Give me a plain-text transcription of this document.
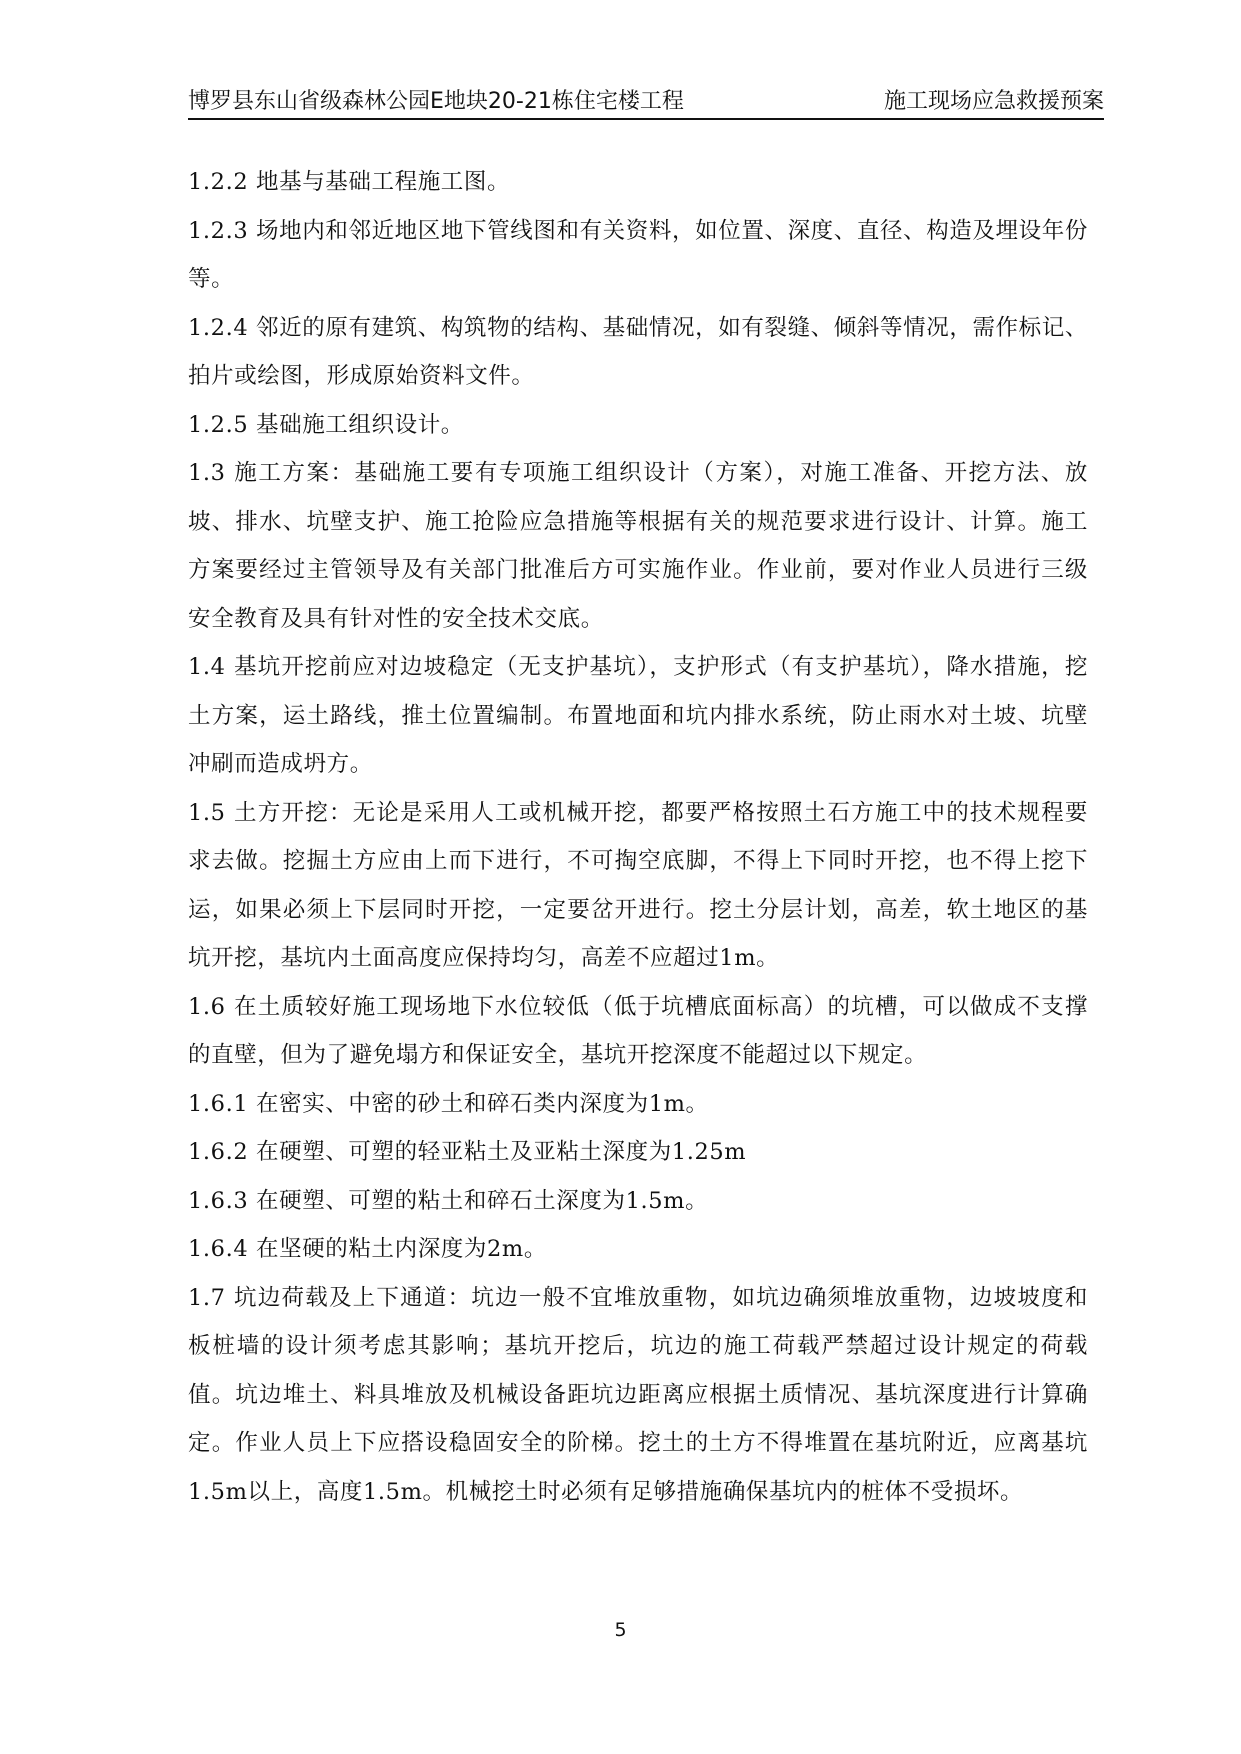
博罗县东山省级森林公园E地块20-21栋住宅楼工程	施工现场应急救援预案

1.2.2 地基与基础工程施工图。

1.2.3 场地内和邻近地区地下管线图和有关资料，如位置、深度、直径、构造及埋设年份等。

1.2.4 邻近的原有建筑、构筑物的结构、基础情况，如有裂缝、倾斜等情况，需作标记、拍片或绘图，形成原始资料文件。

1.2.5 基础施工组织设计。

1.3 施工方案：基础施工要有专项施工组织设计（方案），对施工准备、开挖方法、放坡、排水、坑壁支护、施工抢险应急措施等根据有关的规范要求进行设计、计算。施工方案要经过主管领导及有关部门批准后方可实施作业。作业前，要对作业人员进行三级安全教育及具有针对性的安全技术交底。

1.4 基坑开挖前应对边坡稳定（无支护基坑），支护形式（有支护基坑），降水措施，挖土方案，运土路线，推土位置编制。布置地面和坑内排水系统，防止雨水对土坡、坑壁冲刷而造成坍方。

1.5 土方开挖：无论是采用人工或机械开挖，都要严格按照土石方施工中的技术规程要求去做。挖掘土方应由上而下进行，不可掏空底脚，不得上下同时开挖，也不得上挖下运，如果必须上下层同时开挖，一定要岔开进行。挖土分层计划，高差，软土地区的基坑开挖，基坑内土面高度应保持均匀，高差不应超过1m。

1.6 在土质较好施工现场地下水位较低（低于坑槽底面标高）的坑槽，可以做成不支撑的直壁，但为了避免塌方和保证安全，基坑开挖深度不能超过以下规定。

1.6.1 在密实、中密的砂土和碎石类内深度为1m。

1.6.2 在硬塑、可塑的轻亚粘土及亚粘土深度为1.25m

1.6.3 在硬塑、可塑的粘土和碎石土深度为1.5m。

1.6.4 在坚硬的粘土内深度为2m。

1.7 坑边荷载及上下通道：坑边一般不宜堆放重物，如坑边确须堆放重物，边坡坡度和板桩墙的设计须考虑其影响；基坑开挖后，坑边的施工荷载严禁超过设计规定的荷载值。坑边堆土、料具堆放及机械设备距坑边距离应根据土质情况、基坑深度进行计算确定。作业人员上下应搭设稳固安全的阶梯。挖土的土方不得堆置在基坑附近，应离基坑1.5m以上，高度1.5m。机械挖土时必须有足够措施确保基坑内的桩体不受损坏。

5
